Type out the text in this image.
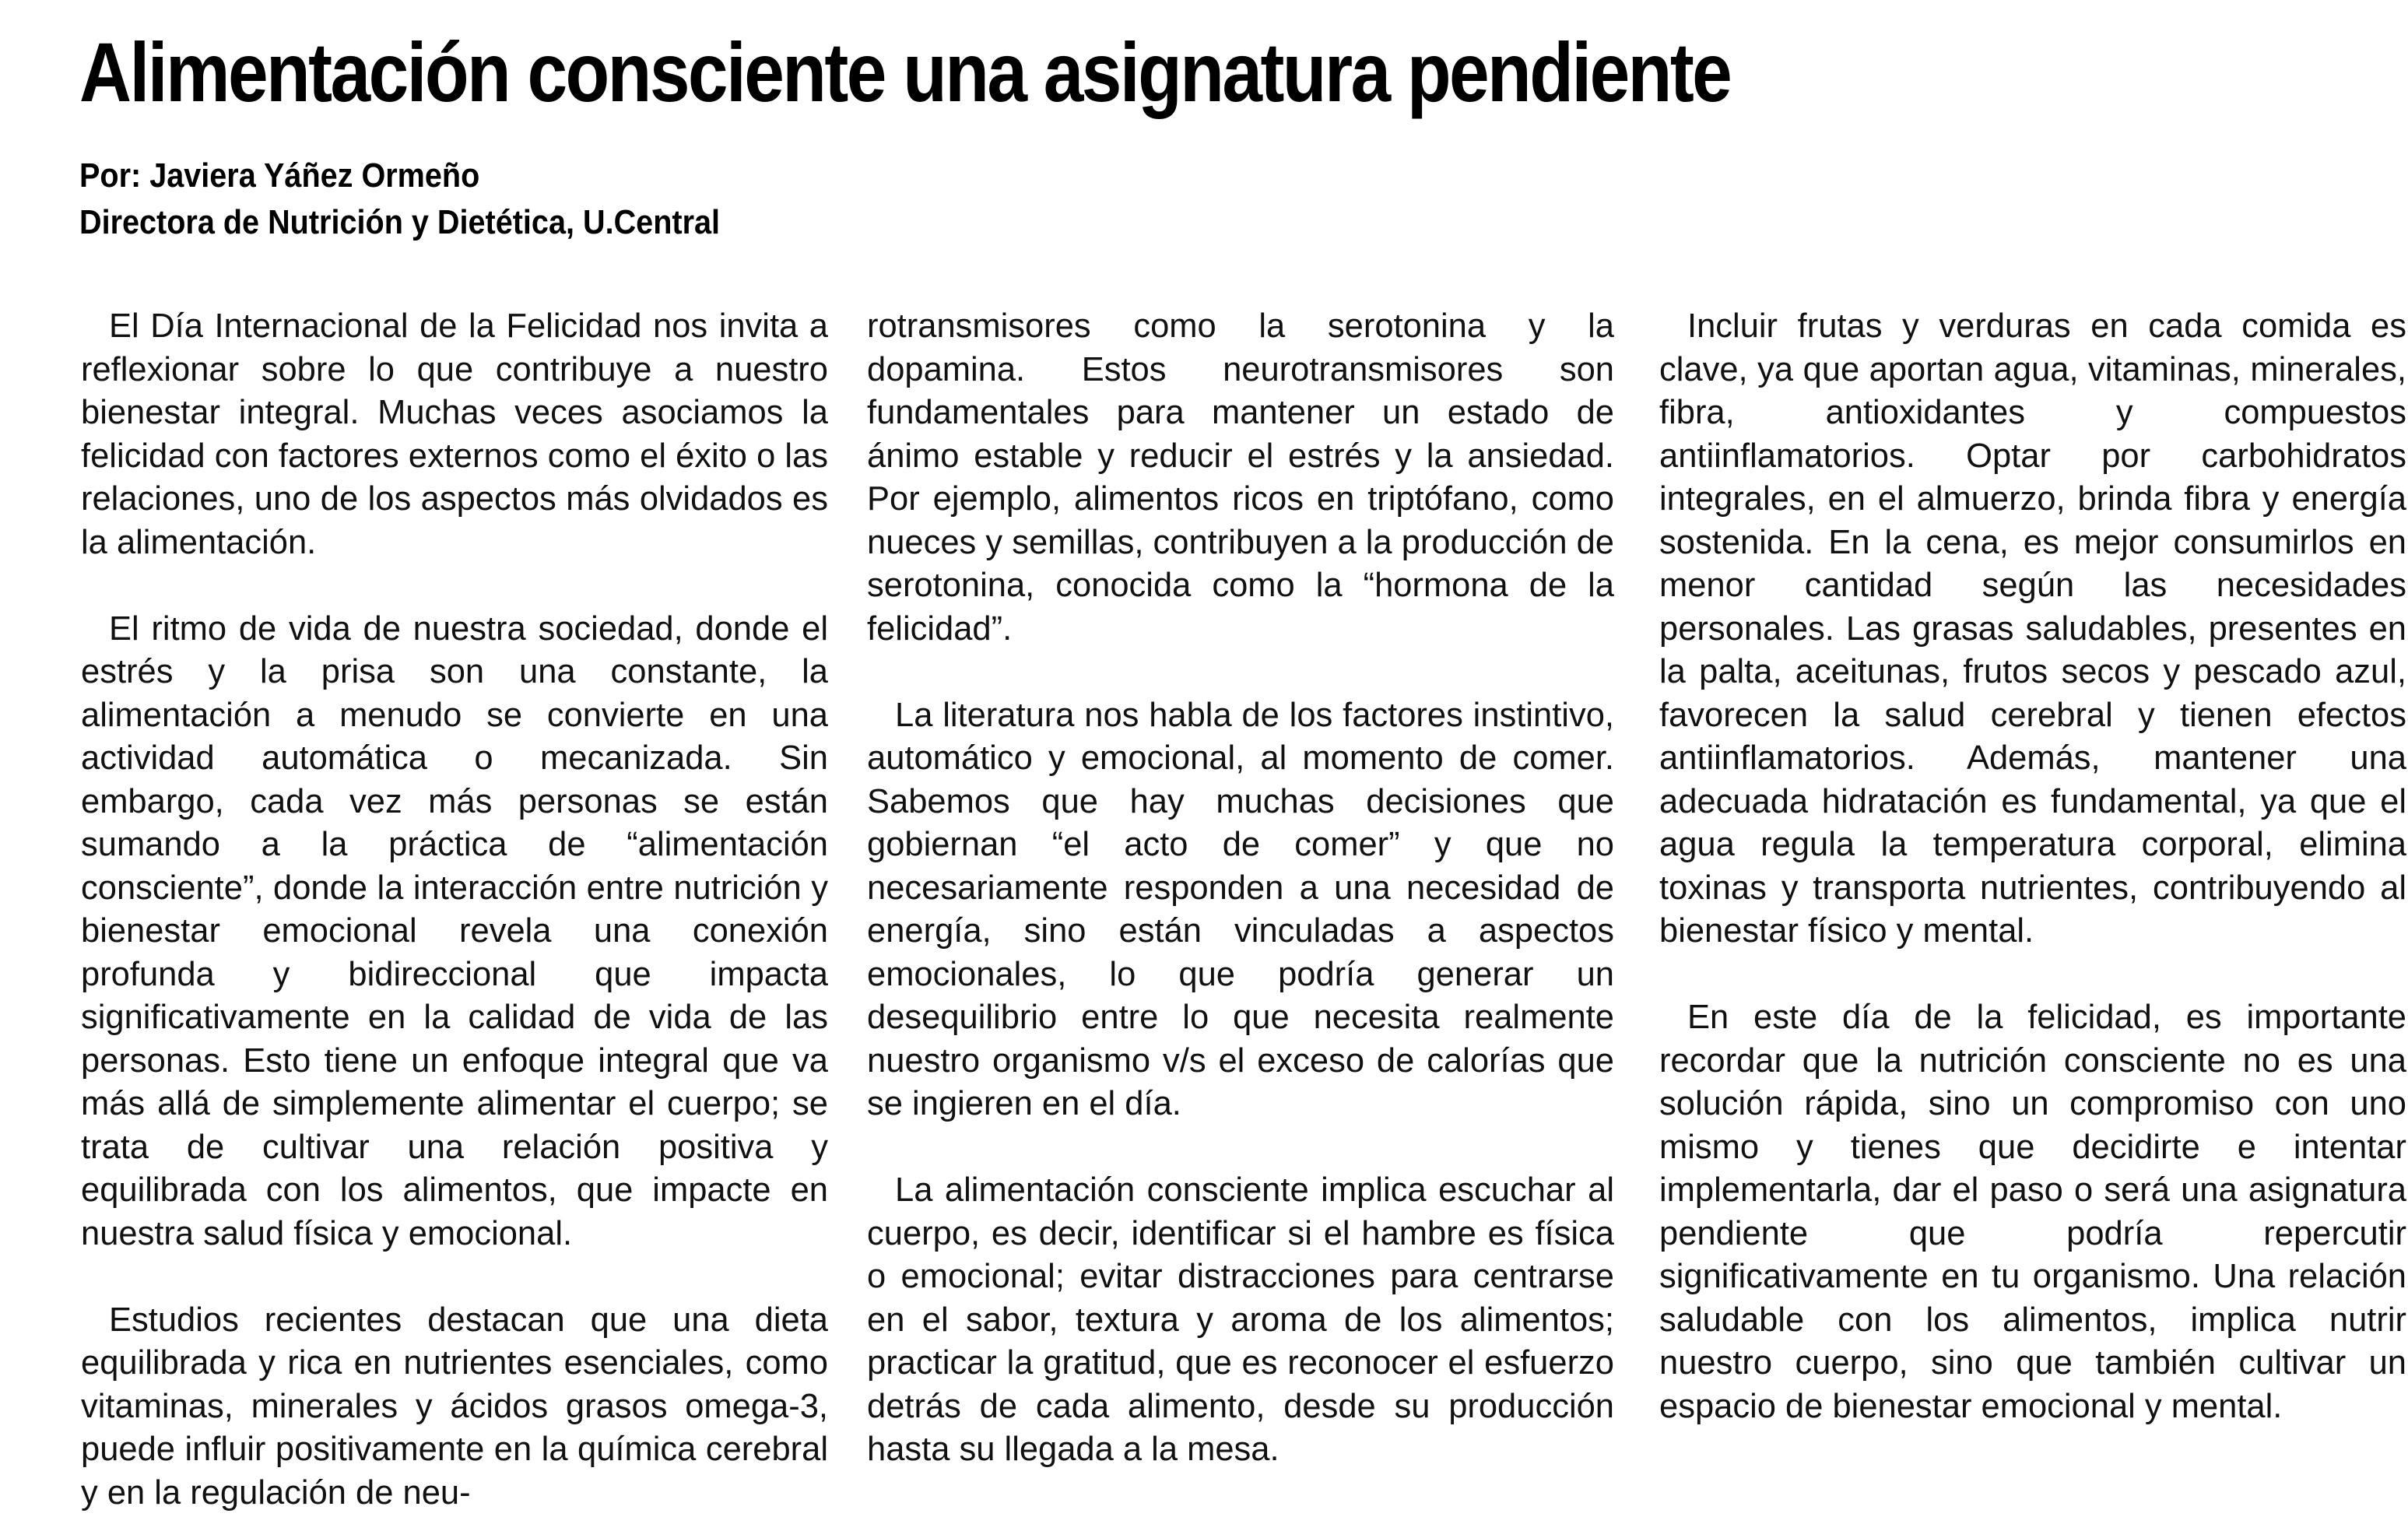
Alimentación consciente una asignatura pendiente
Por: Javiera Yáñez Ormeño
Directora de Nutrición y Dietética, U.Central

El Día Internacional de la Felicidad nos invita a reflexionar sobre lo que contribuye a nuestro bienestar integral. Muchas veces asociamos la felicidad con factores externos como el éxito o las relaciones, uno de los aspectos más olvidados es la alimentación.

El ritmo de vida de nuestra sociedad, donde el estrés y la prisa son una constante, la alimentación a menudo se convierte en una actividad automática o mecanizada. Sin embargo, cada vez más personas se están sumando a la práctica de “alimentación consciente”, donde la interacción entre nutrición y bienestar emocional revela una conexión profunda y bidireccional que impacta significativamente en la calidad de vida de las personas. Esto tiene un enfoque integral que va más allá de simplemente alimentar el cuerpo; se trata de cultivar una relación positiva y equilibrada con los alimentos, que impacte en nuestra salud física y emocional.

Estudios recientes destacan que una dieta equilibrada y rica en nutrientes esenciales, como vitaminas, minerales y ácidos grasos omega-3, puede influir positivamente en la química cerebral y en la regulación de neu-

rotransmisores como la serotonina y la dopamina. Estos neurotransmisores son fundamentales para mantener un estado de ánimo estable y reducir el estrés y la ansiedad. Por ejemplo, alimentos ricos en triptófano, como nueces y semillas, contribuyen a la producción de serotonina, conocida como la “hormona de la felicidad”.

La literatura nos habla de los factores instintivo, automático y emocional, al momento de comer. Sabemos que hay muchas decisiones que gobiernan “el acto de comer” y que no necesariamente responden a una necesidad de energía, sino están vinculadas a aspectos emocionales, lo que podría generar un desequilibrio entre lo que necesita realmente nuestro organismo v/s el exceso de calorías que se ingieren en el día.

La alimentación consciente implica escuchar al cuerpo, es decir, identificar si el hambre es física o emocional; evitar distracciones para centrarse en el sabor, textura y aroma de los alimentos; practicar la gratitud, que es reconocer el esfuerzo detrás de cada alimento, desde su producción hasta su llegada a la mesa.

Incluir frutas y verduras en cada comida es clave, ya que aportan agua, vitaminas, minerales, fibra, antioxidantes y compuestos antiinflamatorios. Optar por carbohidratos integrales, en el almuerzo, brinda fibra y energía sostenida. En la cena, es mejor consumirlos en menor cantidad según las necesidades personales. Las grasas saludables, presentes en la palta, aceitunas, frutos secos y pescado azul, favorecen la salud cerebral y tienen efectos antiinflamatorios. Además, mantener una adecuada hidratación es fundamental, ya que el agua regula la temperatura corporal, elimina toxinas y transporta nutrientes, contribuyendo al bienestar físico y mental.

En este día de la felicidad, es importante recordar que la nutrición consciente no es una solución rápida, sino un compromiso con uno mismo y tienes que decidirte e intentar implementarla, dar el paso o será una asignatura pendiente que podría repercutir significativamente en tu organismo. Una relación saludable con los alimentos, implica nutrir nuestro cuerpo, sino que también cultivar un espacio de bienestar emocional y mental.
